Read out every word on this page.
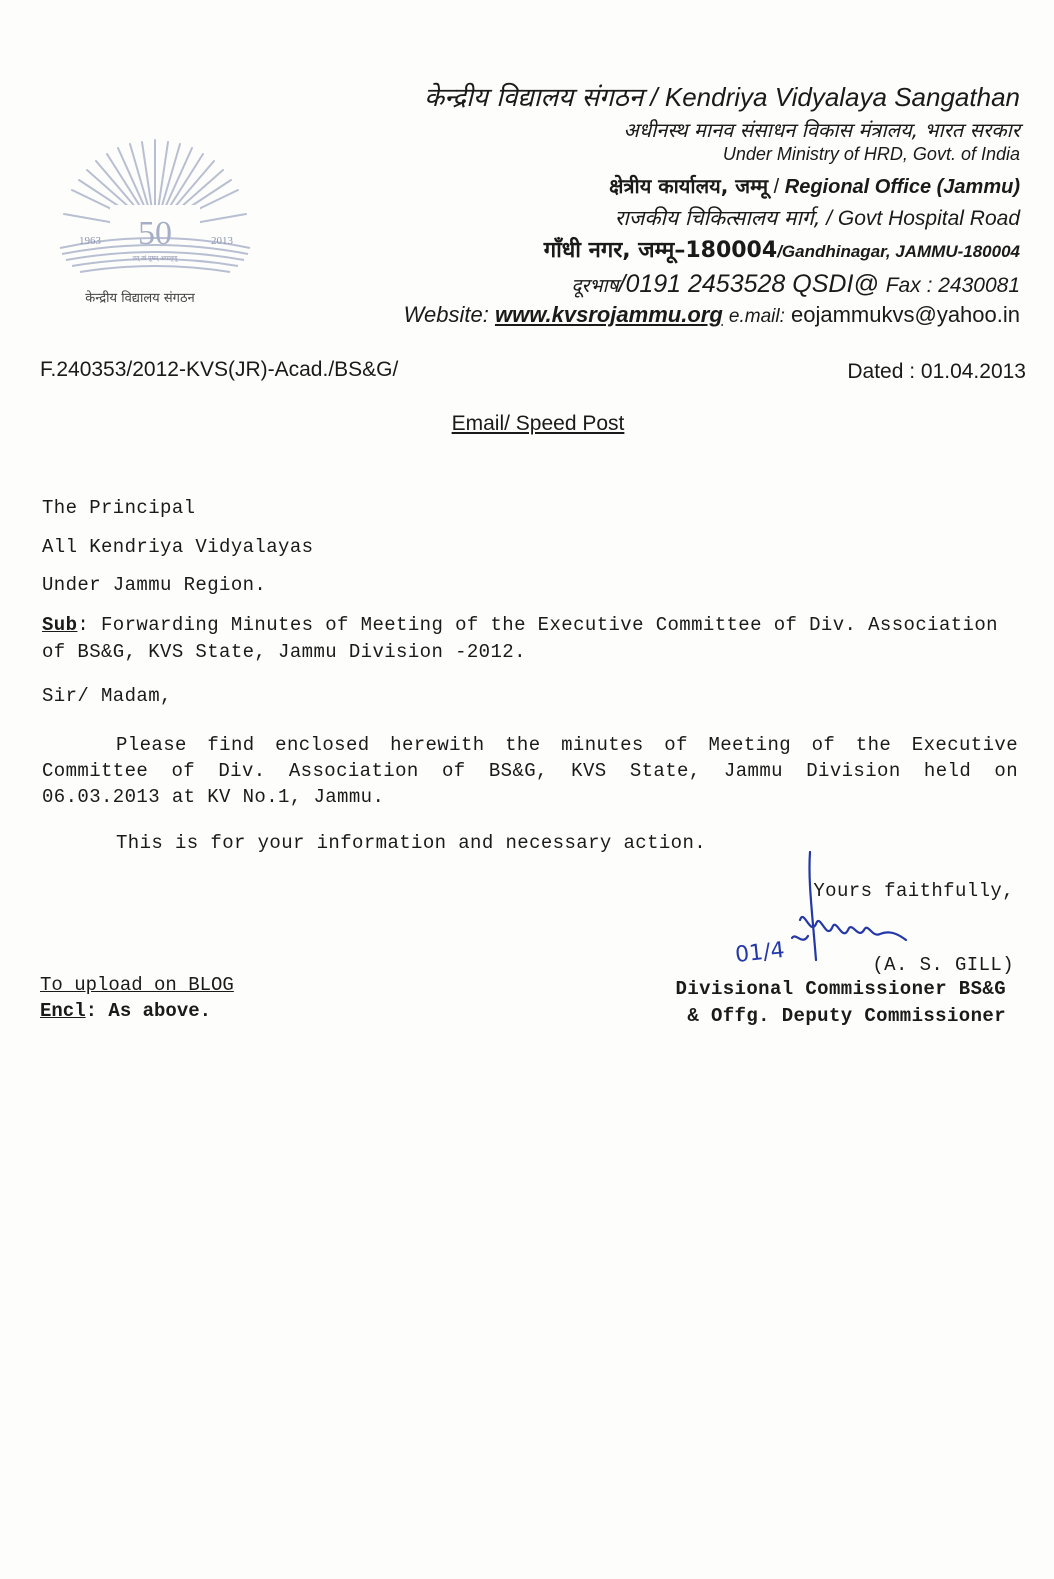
50
1963	2013
तत् त्वं पूषन् अपावृणु
केन्द्रीय विद्यालय संगठन
केन्द्रीय विद्यालय संगठन / Kendriya Vidyalaya Sangathan
अधीनस्थ मानव संसाधन विकास मंत्रालय, भारत सरकार
Under Ministry of HRD, Govt. of India
क्षेत्रीय कार्यालय, जम्मू / Regional Office (Jammu)
राजकीय चिकित्सालय मार्ग, / Govt Hospital Road
गाँधी नगर, जम्मू–180004/Gandhinagar, JAMMU-180004
दूरभाष/0191 2453528 QSDI@ Fax : 2430081
Website: www.kvsrojammu.org e.mail: eojammukvs@yahoo.in
F.240353/2012-KVS(JR)-Acad./BS&G/	Dated : 01.04.2013
Email/ Speed Post
The Principal
All Kendriya Vidyalayas
Under Jammu Region.
Sub: Forwarding Minutes of Meeting of the Executive Committee of Div. Association of BS&G, KVS State, Jammu Division -2012.
Sir/ Madam,
Please find enclosed herewith the minutes of Meeting of the Executive Committee of Div. Association of BS&G, KVS State, Jammu Division held on 06.03.2013 at KV No.1, Jammu.
This is for your information and necessary action.
Yours faithfully,
01/4	(A. S. GILL)
Divisional Commissioner BS&G
& Offg. Deputy Commissioner
To upload on BLOG
Encl: As above.
